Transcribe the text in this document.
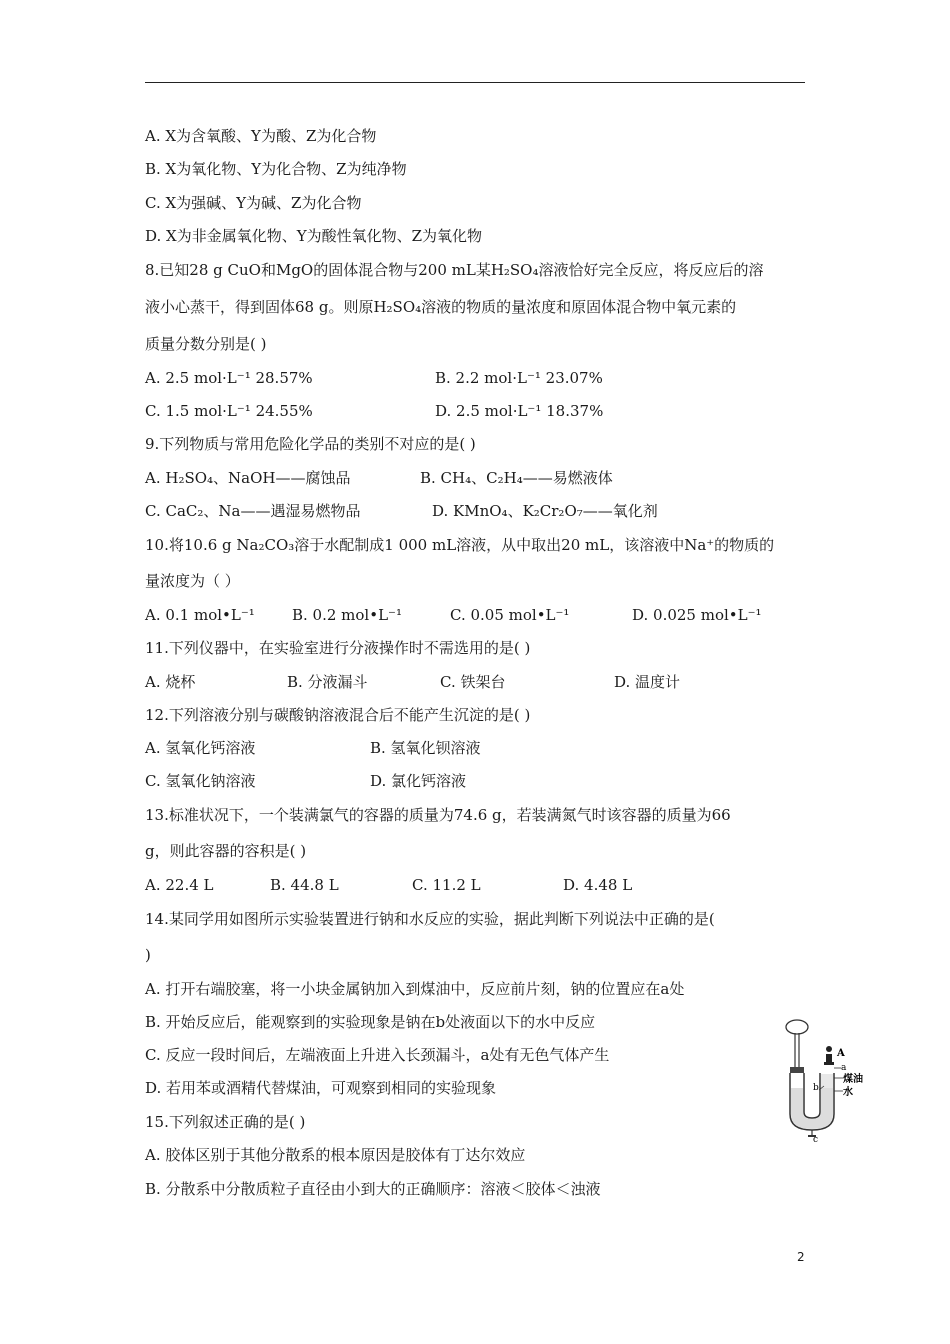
A. X为含氧酸、Y为酸、Z为化合物
B. X为氧化物、Y为化合物、Z为纯净物
C. X为强碱、Y为碱、Z为化合物
D. X为非金属氧化物、Y为酸性氧化物、Z为氧化物
8.已知28 g CuO和MgO的固体混合物与200 mL某H₂SO₄溶液恰好完全反应，将反应后的溶
液小心蒸干，得到固体68 g。则原H₂SO₄溶液的物质的量浓度和原固体混合物中氧元素的
质量分数分别是( )
A. 2.5 mol·L⁻¹ 28.57%	B. 2.2 mol·L⁻¹ 23.07%
C. 1.5 mol·L⁻¹ 24.55%	D. 2.5 mol·L⁻¹ 18.37%
9.下列物质与常用危险化学品的类别不对应的是( )
A. H₂SO₄、NaOH——腐蚀品	B. CH₄、C₂H₄——易燃液体
C. CaC₂、Na——遇湿易燃物品	D. KMnO₄、K₂Cr₂O₇——氧化剂
10.将10.6 g Na₂CO₃溶于水配制成1 000 mL溶液，从中取出20 mL，该溶液中Na⁺的物质的
量浓度为（ ）
A. 0.1 mol•L⁻¹ B. 0.2 mol•L⁻¹	C. 0.05 mol•L⁻¹	D. 0.025 mol•L⁻¹
11.下列仪器中，在实验室进行分液操作时不需选用的是( )
A. 烧杯	B. 分液漏斗	C. 铁架台	D. 温度计
12.下列溶液分别与碳酸钠溶液混合后不能产生沉淀的是( )
A. 氢氧化钙溶液	B. 氢氧化钡溶液
C. 氢氧化钠溶液	D. 氯化钙溶液
13.标准状况下，一个装满氯气的容器的质量为74.6 g，若装满氮气时该容器的质量为66
g，则此容器的容积是( )
A. 22.4 L	B. 44.8 L	C. 11.2 L	D. 4.48 L
14.某同学用如图所示实验装置进行钠和水反应的实验，据此判断下列说法中正确的是(
)
A. 打开右端胶塞，将一小块金属钠加入到煤油中，反应前片刻，钠的位置应在a处
B. 开始反应后，能观察到的实验现象是钠在b处液面以下的水中反应
C. 反应一段时间后，左端液面上升进入长颈漏斗，a处有无色气体产生
D. 若用苯或酒精代替煤油，可观察到相同的实验现象
A
a
煤油
水
b
c
15.下列叙述正确的是( )
A. 胶体区别于其他分散系的根本原因是胶体有丁达尔效应
B. 分散系中分散质粒子直径由小到大的正确顺序：溶液＜胶体＜浊液
2
